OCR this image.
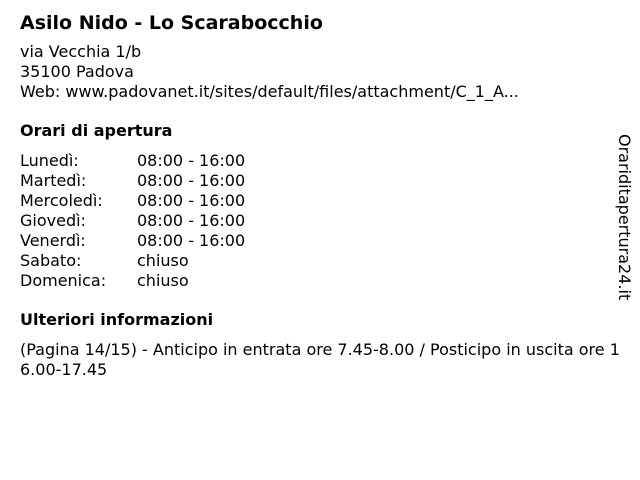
Asilo Nido - Lo Scarabocchio
via Vecchia 1/b
35100 Padova
Web: www.padovanet.it/sites/default/files/attachment/C_1_A...
Orari di apertura
Lunedì:	08:00 - 16:00
Martedì:	08:00 - 16:00
Mercoledì:	08:00 - 16:00
Giovedì:	08:00 - 16:00
Venerdì:	08:00 - 16:00
Sabato:	chiuso
Domenica:	chiuso
Ulteriori informazioni
(Pagina 14/15) - Anticipo in entrata ore 7.45-8.00 / Posticipo in uscita ore 16.00-17.45
Orariditapertura24.it
